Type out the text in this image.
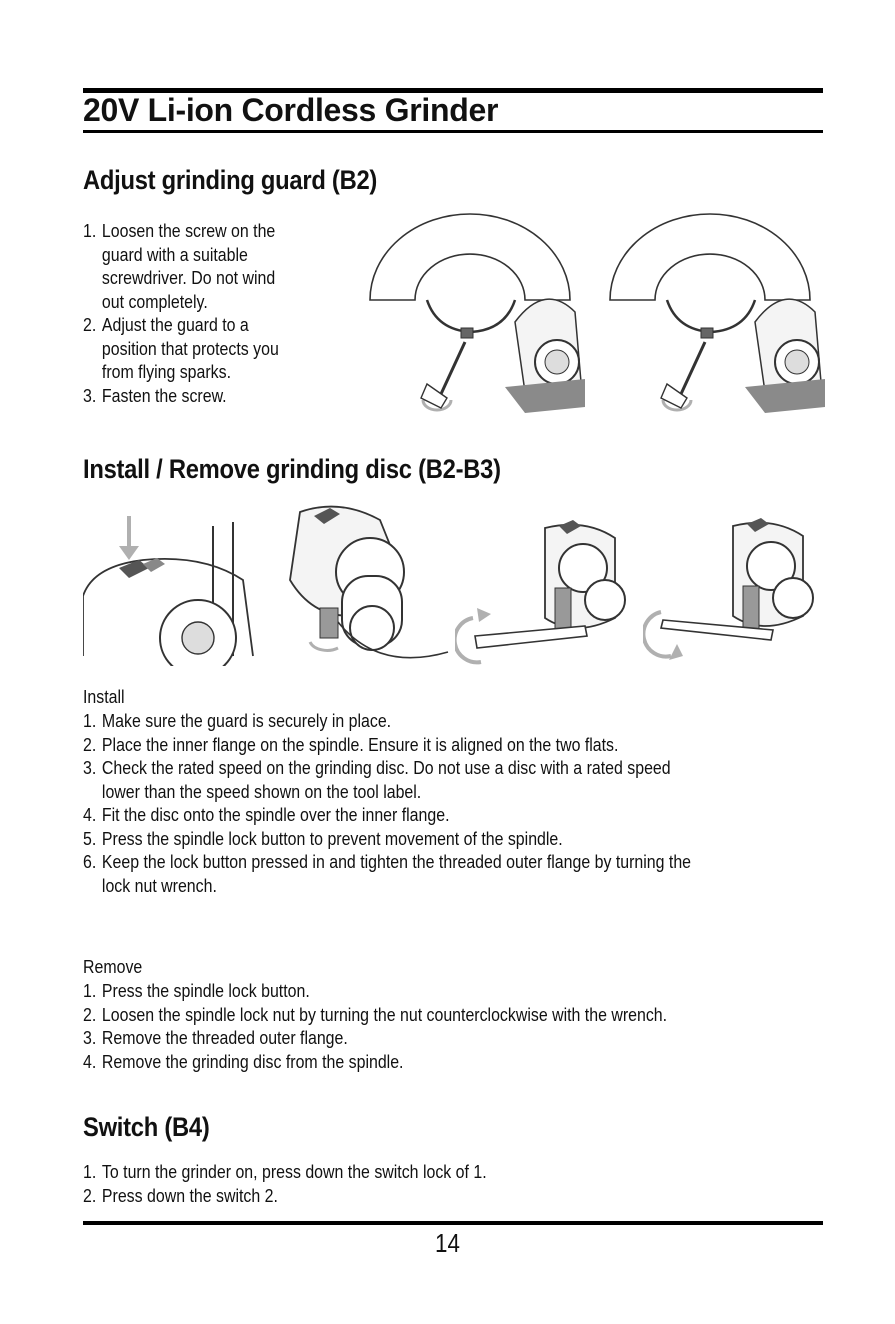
20V Li-ion Cordless Grinder
Adjust grinding guard (B2)
1. Loosen the screw on the
guard with a suitable
screwdriver. Do not wind
out completely.
2. Adjust the guard to a
position that protects you
from flying sparks.
3. Fasten the screw.
Install / Remove grinding disc (B2-B3)
Install
1. Make sure the guard is securely in place.
2. Place the inner flange on the spindle. Ensure it is aligned on the two flats.
3. Check the rated speed on the grinding disc. Do not use a disc with a rated speed
lower than the speed shown on the tool label.
4. Fit the disc onto the spindle over the inner flange.
5. Press the spindle lock button to prevent movement of the spindle.
6. Keep the lock button pressed in and tighten the threaded outer flange by turning the
lock nut wrench.
Remove
1. Press the spindle lock button.
2. Loosen the spindle lock nut by turning the nut counterclockwise with the wrench.
3. Remove the threaded outer flange.
4. Remove the grinding disc from the spindle.
Switch (B4)
1. To turn the grinder on, press down the switch lock of 1.
2. Press down the switch 2.
14
